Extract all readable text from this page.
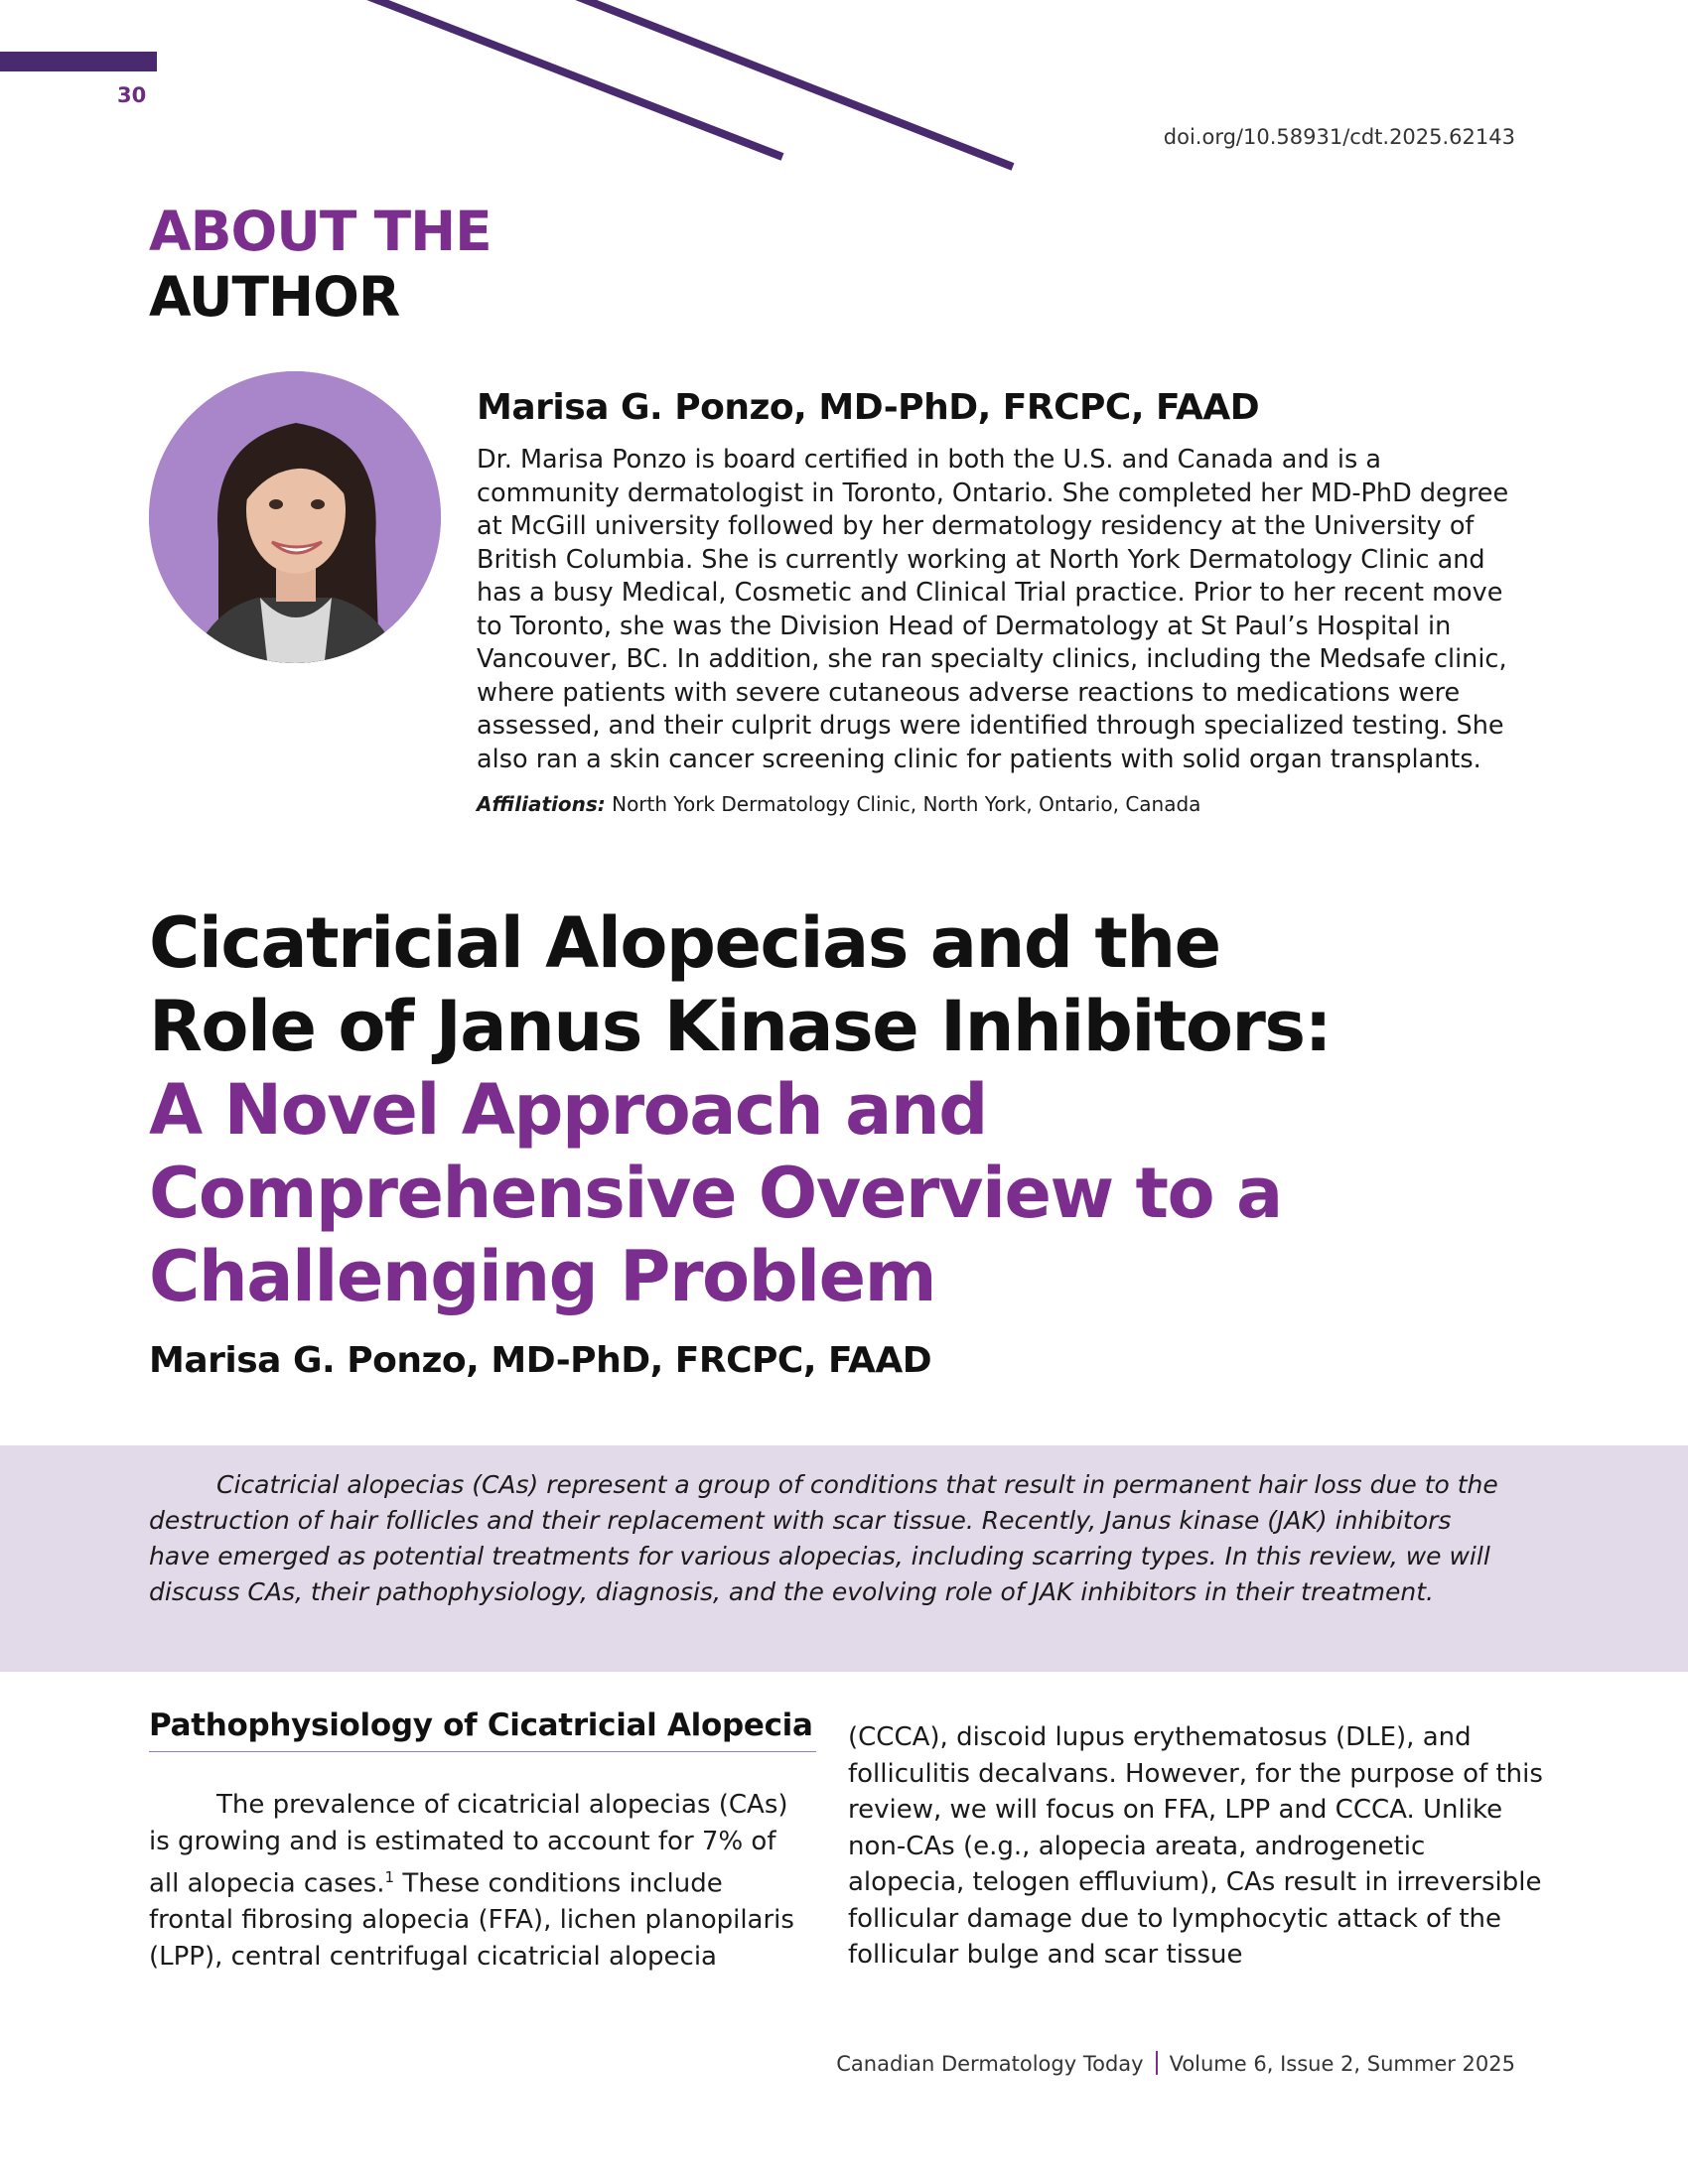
30
doi.org/10.58931/cdt.2025.62143
ABOUT THE
AUTHOR
Marisa G. Ponzo, MD-PhD, FRCPC, FAAD

Dr. Marisa Ponzo is board certified in both the U.S. and Canada and is a community dermatologist in Toronto, Ontario. She completed her MD-PhD degree at McGill university followed by her dermatology residency at the University of British Columbia. She is currently working at North York Dermatology Clinic and has a busy Medical, Cosmetic and Clinical Trial practice. Prior to her recent move to Toronto, she was the Division Head of Dermatology at St Paul’s Hospital in Vancouver, BC. In addition, she ran specialty clinics, including the Medsafe clinic, where patients with severe cutaneous adverse reactions to medications were assessed, and their culprit drugs were identified through specialized testing. She also ran a skin cancer screening clinic for patients with solid organ transplants.

Affiliations: North York Dermatology Clinic, North York, Ontario, Canada
Cicatricial Alopecias and the
Role of Janus Kinase Inhibitors:
A Novel Approach and
Comprehensive Overview to a
Challenging Problem
Marisa G. Ponzo, MD-PhD, FRCPC, FAAD

Cicatricial alopecias (CAs) represent a group of conditions that result in permanent hair loss due to the destruction of hair follicles and their replacement with scar tissue. Recently, Janus kinase (JAK) inhibitors have emerged as potential treatments for various alopecias, including scarring types. In this review, we will discuss CAs, their pathophysiology, diagnosis, and the evolving role of JAK inhibitors in their treatment.

Pathophysiology of Cicatricial Alopecia

The prevalence of cicatricial alopecias (CAs) is growing and is estimated to account for 7% of all alopecia cases.$^1$ These conditions include frontal fibrosing alopecia (FFA), lichen planopilaris (LPP), central centrifugal cicatricial alopecia

(CCCA), discoid lupus erythematosus (DLE), and folliculitis decalvans. However, for the purpose of this review, we will focus on FFA, LPP and CCCA. Unlike non-CAs (e.g., alopecia areata, androgenetic alopecia, telogen effluvium), CAs result in irreversible follicular damage due to lymphocytic attack of the follicular bulge and scar tissue

Canadian Dermatology Today Volume 6, Issue 2, Summer 2025
